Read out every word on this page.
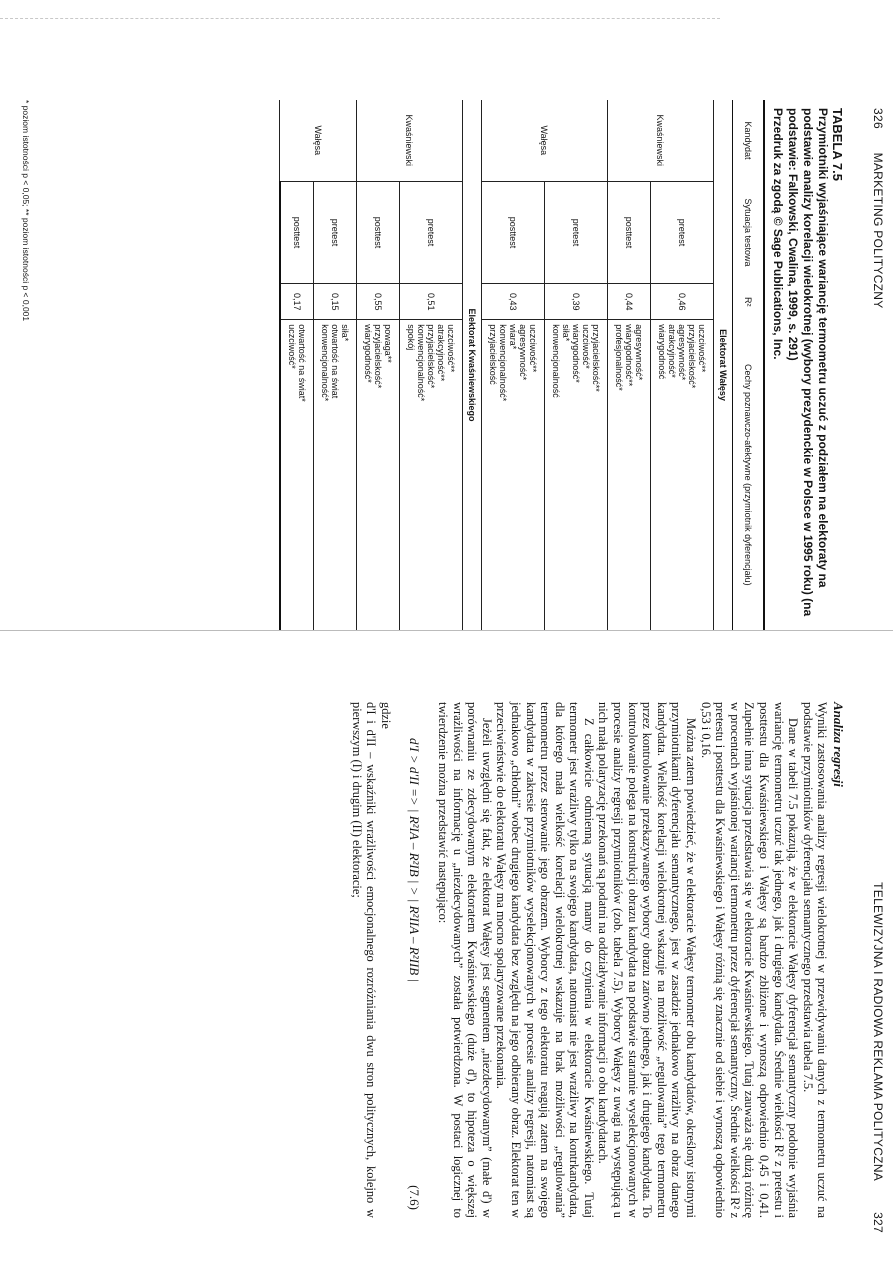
326 MARKETING POLITYCZNY
TABELA 7.5
Przymiotniki wyjaśniające wariancję termometru uczuć z podziałem na elektoraty na podstawie analizy korelacji wielokrotnej (wybory prezydenckie w Polsce w 1995 roku) (na podstawie: Falkowski, Cwalina, 1999, s. 291)
Przedruk za zgodą © Sage Publications, Inc.
Kandydat	Sytuacja testowa	R²	Cechy poznawczo-afektywne (przymiotnik dyferencjału)
Elektorat Wałęsy			
Kwaśniewski	pretest	0,46	uczciwość**
przyjacielskość*
agresywność*
atrakcyjność*
wiarygodność

	posttest	0,44	agresywność*
wiarygodność**
profesjonalność*

Wałęsa	pretest	0,39	przyjacielskość**
uczciwość*
wiarygodność*
siła*
konwencjonalność

	posttest	0,43	uczciwość**
agresywność*
wiara*
konwencjonalność*
przyjacielskość

Elektorat Kwaśniewskiego			
Kwaśniewski	pretest	0,51	uczciwość**
atrakcyjność**
przyjacielskość*
konwencjonalność*
spokój

	posttest	0,55	powaga**
przyjacielskość*
wiarygodność*

Wałęsa	pretest	0,15	siła*
otwartość na świat
konwencjonalność*

	posttest	0,17	otwartość na świat*
uczciwość*
* poziom istotności p < 0,05; ** poziom istotności p < 0,001
TELEWIZYJNA I RADIOWA REKLAMA POLITYCZNA 327
Analiza regresji

Wyniki zastosowania analizy regresji wielokrotnej w przewidywaniu danych z termometru uczuć na podstawie przymiotników dyferencjału semantycznego przedstawia tabela 7.5.

Dane w tabeli 7.5 pokazują, że w elektoracie Wałęsy dyferencjał semantyczny podobnie wyjaśnia wariancję termometru uczuć tak jednego, jak i drugiego kandydata. Średnie wielkości R² z pretestu i posttestu dla Kwaśniewskiego i Wałęsy są bardzo zbliżone i wynoszą odpowiednio 0,45 i 0,41. Zupełnie inna sytuacja przedstawia się w elektoracie Kwaśniewskiego. Tutaj zauważa się dużą różnicę w procentach wyjaśnionej wariancji termometru przez dyferencjał semantyczny. Średnie wielkości R² z pretestu i posttestu dla Kwaśniewskiego i Wałęsy różnią się znacznie od siebie i wynoszą odpowiednio 0,53 i 0,16.

Można zatem powiedzieć, że w elektoracie Wałęsy termometr obu kandydatów, określony istotnymi przymiotnikami dyferencjału semantycznego, jest w zasadzie jednakowo wrażliwy na obraz danego kandydata. Wielkość korelacji wielokrotnej wskazuje na możliwość „regulowania” tego termometru przez kontrolowanie przekazywanego wyborcy obrazu zarówno jednego, jak i drugiego kandydata. To kontrolowanie polega na konstrukcji obrazu kandydata na podstawie starannie wyselekcjonowanych w procesie analizy regresji przymiotników (zob. tabela 7.5). Wyborcy Wałęsy z uwagi na występującą u nich małą polaryzację przekonań są podatni na oddziaływanie informacji o obu kandydatach.

Z całkowicie odmienną sytuacją mamy do czynienia w elektoracie Kwaśniewskiego. Tutaj termometr jest wrażliwy tylko na swojego kandydata, natomiast nie jest wrażliwy na kontrkandydata, dla którego mała wielkość korelacji wielokrotnej wskazuje na brak możliwości „regulowania” termometru przez sterowanie jego obrazem. Wyborcy z tego elektoratu reagują zatem na swojego kandydata w zakresie przymiotników wyselekcjonowanych w procesie analizy regresji, natomiast są jednakowo „chłodni” wobec drugiego kandydata bez względu na jego odbierany obraz. Elektorat ten w przeciwieństwie do elektoratu Wałęsy ma mocno spolaryzowane przekonania.

Jeżeli uwzględni się fakt, że elektorat Wałęsy jest segmentem „niezdecydowanym” (małe d') w porównaniu ze zdecydowanym elektoratem Kwaśniewskiego (duże d'), to hipoteza o większej wrażliwości na informację u „niezdecydowanych” została potwierdzona. W postaci logicznej to twierdzenie można przedstawić następująco:

d'I > d'II => | R²IA – R²IB | > | R²IIA – R²IIB |
(7.6)

gdzie

d'I i d'II – wskaźniki wrażliwości emocjonalnego rozróżniania dwu stron politycznych, kolejno w pierwszym (I) i drugim (II) elektoracie;
